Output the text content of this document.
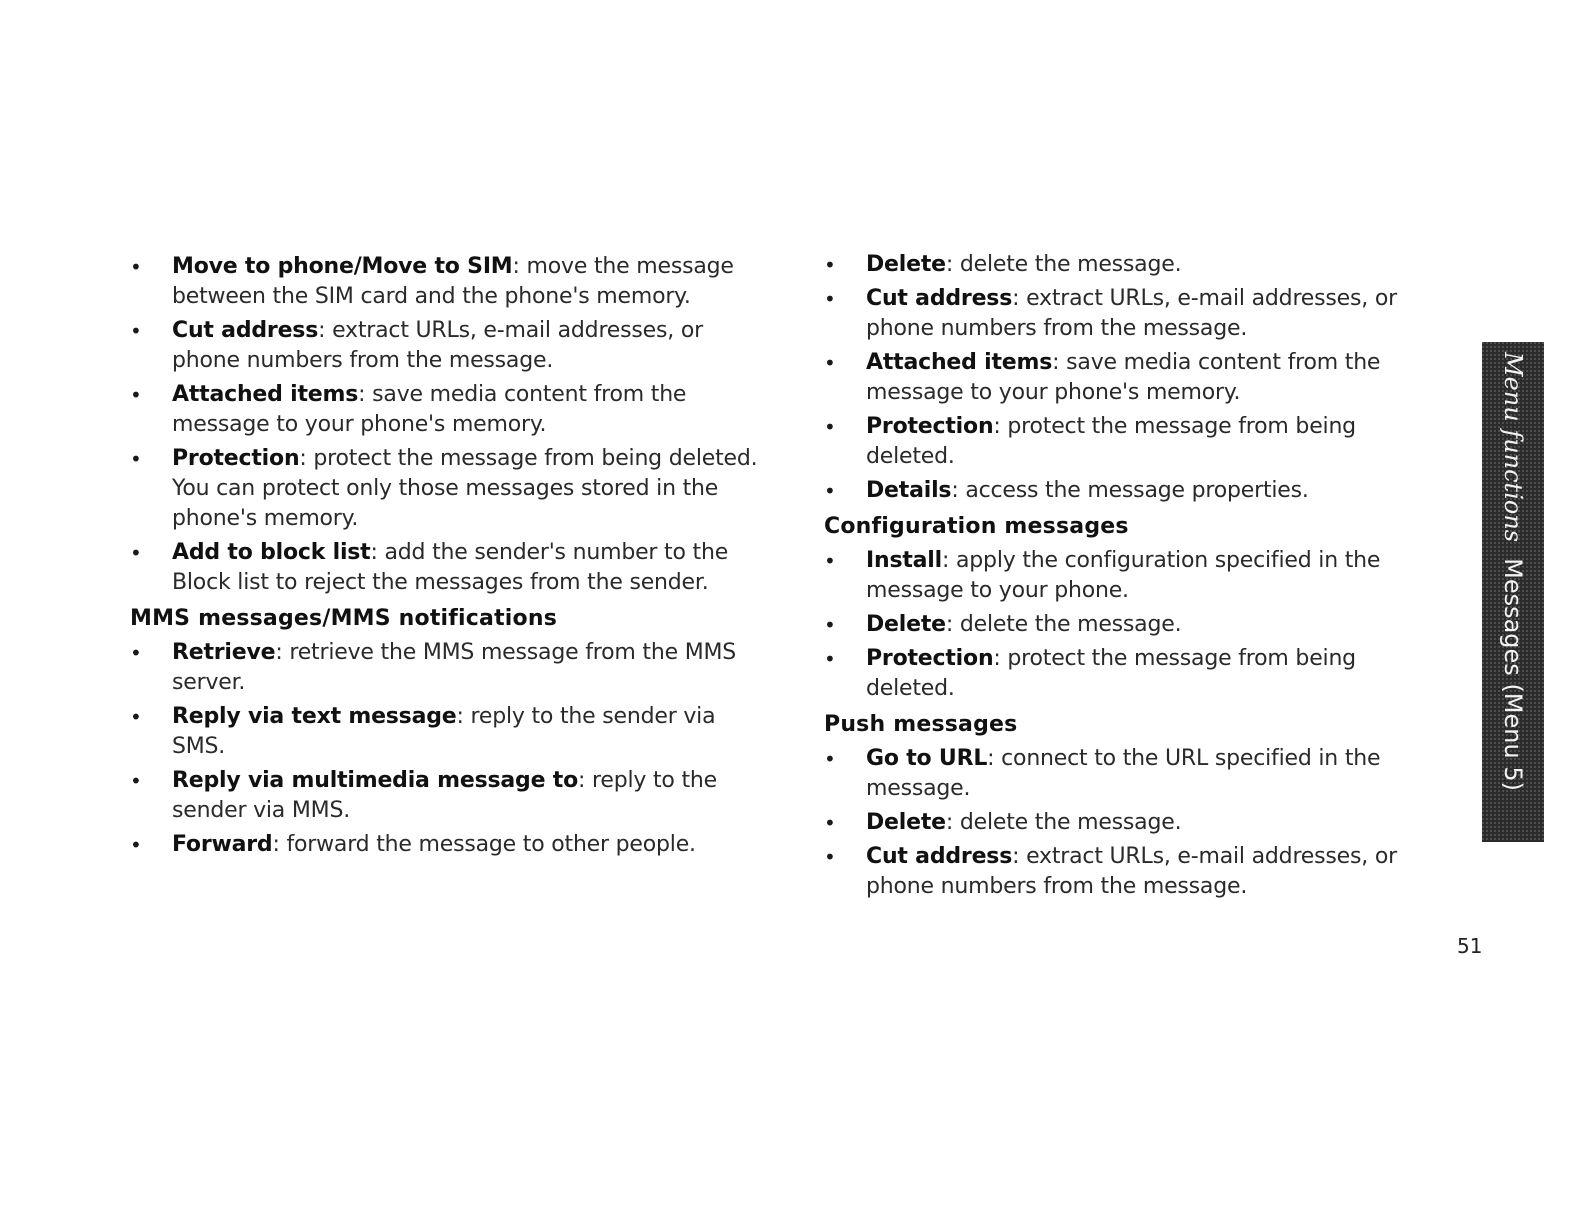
• Move to phone/Move to SIM: move the message between the SIM card and the phone's memory.
• Cut address: extract URLs, e-mail addresses, or phone numbers from the message.
• Attached items: save media content from the message to your phone's memory.
• Protection: protect the message from being deleted. You can protect only those messages stored in the phone's memory.
• Add to block list: add the sender's number to the Block list to reject the messages from the sender.
MMS messages/MMS notifications
• Retrieve: retrieve the MMS message from the MMS server.
• Reply via text message: reply to the sender via SMS.
• Reply via multimedia message to: reply to the sender via MMS.
• Forward: forward the message to other people.
• Delete: delete the message.
• Cut address: extract URLs, e-mail addresses, or phone numbers from the message.
• Attached items: save media content from the message to your phone's memory.
• Protection: protect the message from being deleted.
• Details: access the message properties.
Configuration messages
• Install: apply the configuration specified in the message to your phone.
• Delete: delete the message.
• Protection: protect the message from being deleted.
Push messages
• Go to URL: connect to the URL specified in the message.
• Delete: delete the message.
• Cut address: extract URLs, e-mail addresses, or phone numbers from the message.
Menu functionsMessages (Menu 5)
51
